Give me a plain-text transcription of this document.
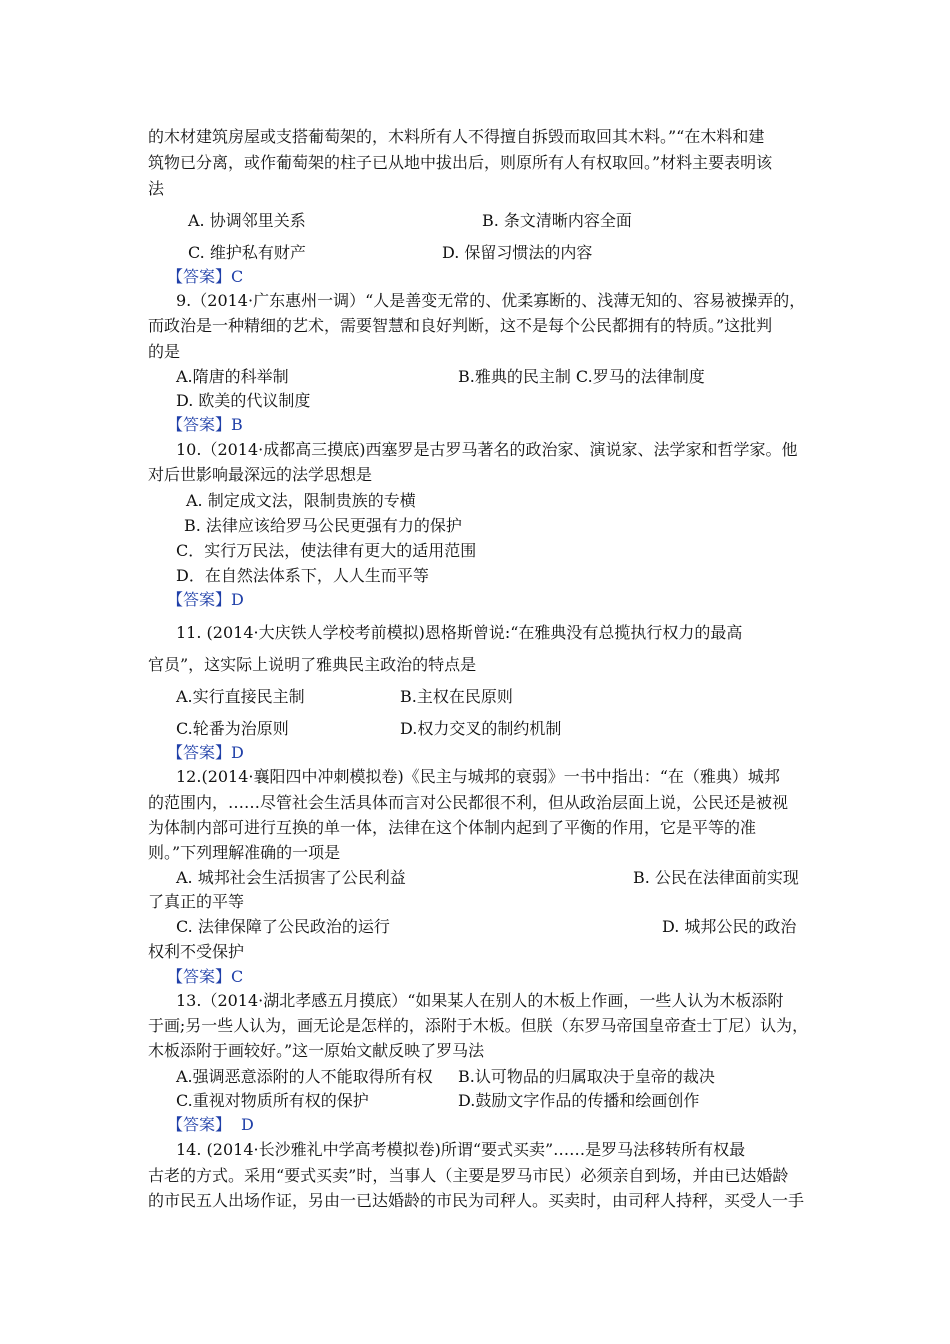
的木材建筑房屋或支搭葡萄架的，木料所有人不得擅自拆毁而取回其木料。”“在木料和建
筑物已分离，或作葡萄架的柱子已从地中拔出后，则原所有人有权取回。”材料主要表明该
法
A. 协调邻里关系	B. 条文清晰内容全面
C. 维护私有财产	D. 保留习惯法的内容
【答案】C
9.（2014·广东惠州一调）“人是善变无常的、优柔寡断的、浅薄无知的、容易被操弄的，
而政治是一种精细的艺术，需要智慧和良好判断，这不是每个公民都拥有的特质。”这批判
的是
A.隋唐的科举制	B.雅典的民主制 C.罗马的法律制度
D. 欧美的代议制度
【答案】B
10.（2014·成都高三摸底)西塞罗是古罗马著名的政治家、演说家、法学家和哲学家。他
对后世影响最深远的法学思想是
A. 制定成文法，限制贵族的专横
B. 法律应该给罗马公民更强有力的保护
C．实行万民法，使法律有更大的适用范围
D．在自然法体系下，人人生而平等
【答案】D
11. (2014·大庆铁人学校考前模拟)恩格斯曾说:“在雅典没有总揽执行权力的最高
官员”，这实际上说明了雅典民主政治的特点是
A.实行直接民主制	B.主权在民原则
C.轮番为治原则	D.权力交叉的制约机制
【答案】D
12.(2014·襄阳四中冲刺模拟卷)《民主与城邦的衰弱》一书中指出：“在（雅典）城邦
的范围内，……尽管社会生活具体而言对公民都很不利，但从政治层面上说，公民还是被视
为体制内部可进行互换的单一体，法律在这个体制内起到了平衡的作用，它是平等的准
则。”下列理解准确的一项是
A. 城邦社会生活损害了公民利益	B. 公民在法律面前实现
了真正的平等
C. 法律保障了公民政治的运行	D. 城邦公民的政治
权利不受保护
【答案】C
13.（2014·湖北孝感五月摸底）“如果某人在别人的木板上作画，一些人认为木板添附
于画;另一些人认为，画无论是怎样的，添附于木板。但朕（东罗马帝国皇帝查士丁尼）认为，
木板添附于画较好。”这一原始文献反映了罗马法
A.强调恶意添附的人不能取得所有权 B.认可物品的归属取决于皇帝的裁决
C.重视对物质所有权的保护	D.鼓励文字作品的传播和绘画创作
【答案】 D
14. (2014·长沙雅礼中学高考模拟卷)所谓“要式买卖”……是罗马法移转所有权最
古老的方式。采用“要式买卖”时，当事人（主要是罗马市民）必须亲自到场，并由已达婚龄
的市民五人出场作证，另由一已达婚龄的市民为司秤人。买卖时，由司秤人持秤，买受人一手
